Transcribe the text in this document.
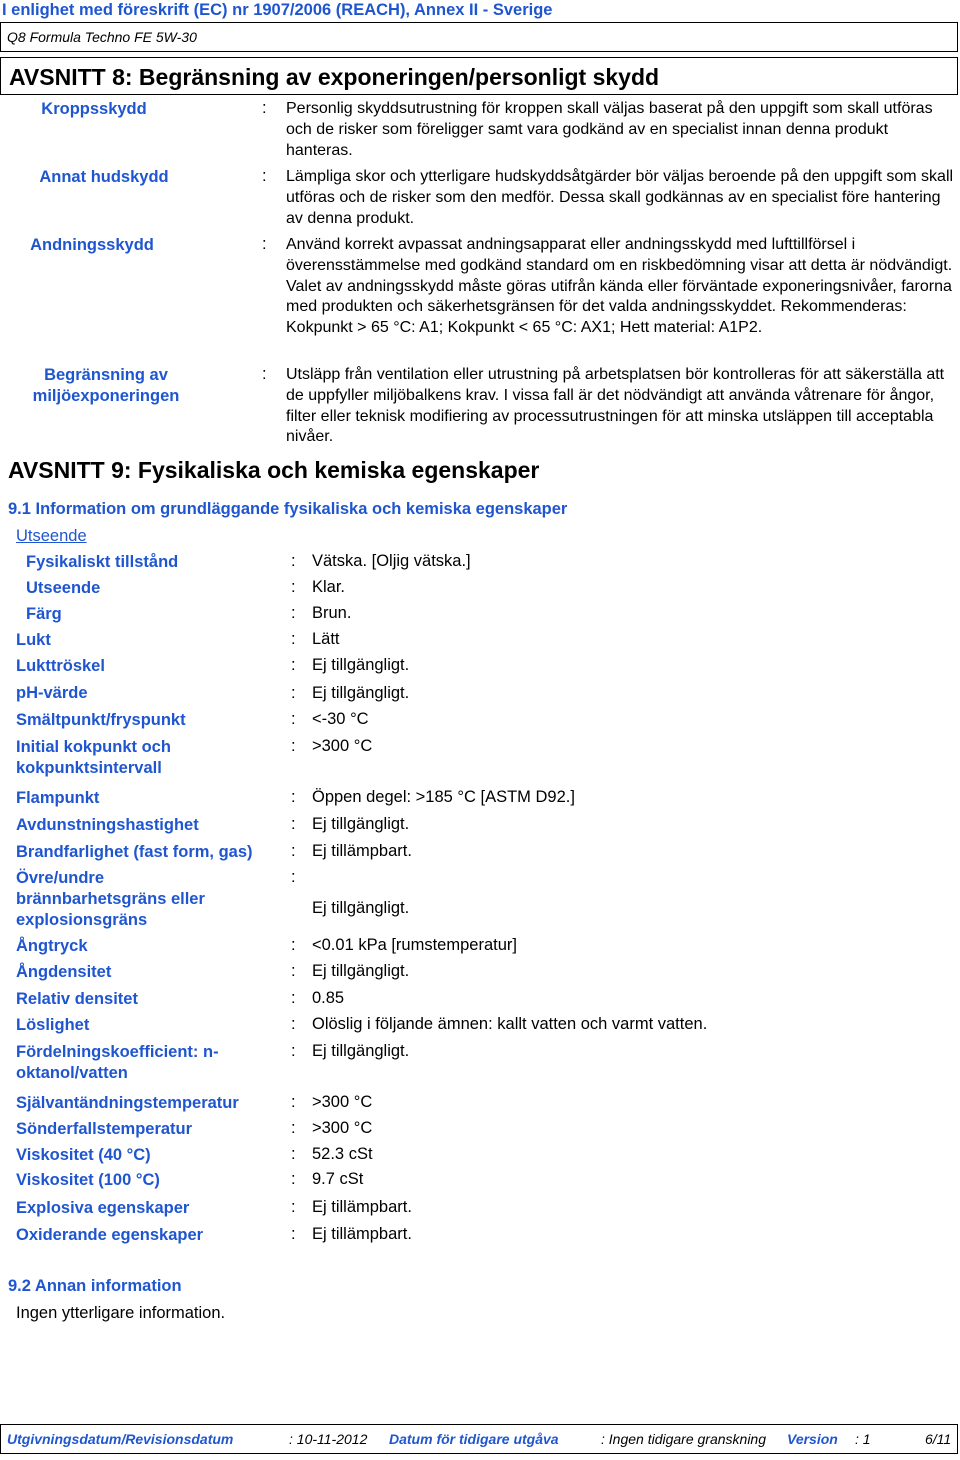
I enlighet med föreskrift (EC) nr 1907/2006 (REACH), Annex II - Sverige
Q8 Formula Techno FE 5W-30
AVSNITT 8: Begränsning av exponeringen/personligt skydd
Kroppsskydd	: Personlig skyddsutrustning för kroppen skall väljas baserat på den uppgift som skall utföras och de risker som föreligger samt vara godkänd av en specialist innan denna produkt hanteras.
Annat hudskydd	: Lämpliga skor och ytterligare hudskyddsåtgärder bör väljas beroende på den uppgift som skall utföras och de risker som den medför. Dessa skall godkännas av en specialist före hantering av denna produkt.
Andningsskydd	: Använd korrekt avpassat andningsapparat eller andningsskydd med lufttillförsel i överensstämmelse med godkänd standard om en riskbedömning visar att detta är nödvändigt. Valet av andningsskydd måste göras utifrån kända eller förväntade exponeringsnivåer, farorna med produkten och säkerhetsgränsen för det valda andningsskyddet. Rekommenderas: Kokpunkt > 65 °C: A1; Kokpunkt < 65 °C: AX1; Hett material: A1P2.
Begränsning av miljöexponeringen
: Utsläpp från ventilation eller utrustning på arbetsplatsen bör kontrolleras för att säkerställa att de uppfyller miljöbalkens krav. I vissa fall är det nödvändigt att använda våtrenare för ångor, filter eller teknisk modifiering av processutrustningen för att minska utsläppen till acceptabla nivåer.
AVSNITT 9: Fysikaliska och kemiska egenskaper
9.1 Information om grundläggande fysikaliska och kemiska egenskaper
Utseende
Fysikaliskt tillstånd	: Vätska. [Oljig vätska.]
Utseende	: Klar.
Färg	: Brun.
Lukt	: Lätt
Lukttröskel	: Ej tillgängligt.
pH-värde	: Ej tillgängligt.
Smältpunkt/fryspunkt	: <-30 °C
Initial kokpunkt och kokpunktsintervall
: >300 °C
Flampunkt	: Öppen degel: >185 °C [ASTM D92.]
Avdunstningshastighet	: Ej tillgängligt.
Brandfarlighet (fast form, gas) : Ej tillämpbart.
Övre/undre brännbarhetsgräns eller explosionsgräns
:
Ej tillgängligt.
Ångtryck	: <0.01 kPa [rumstemperatur]
Ångdensitet	: Ej tillgängligt.
Relativ densitet	: 0.85
Löslighet	: Olöslig i följande ämnen: kallt vatten och varmt vatten.
Fördelningskoefficient: n-oktanol/vatten
: Ej tillgängligt.
Självantändningstemperatur	: >300 °C
Sönderfallstemperatur	: >300 °C
Viskositet (40 °C)	: 52.3 cSt
Viskositet (100 °C)	: 9.7 cSt
Explosiva egenskaper	: Ej tillämpbart.
Oxiderande egenskaper	: Ej tillämpbart.
9.2 Annan information
Ingen ytterligare information.
Utgivningsdatum/Revisionsdatum	: 10-11-2012 Datum för tidigare utgåva	: Ingen tidigare granskning Version : 1	6/11
